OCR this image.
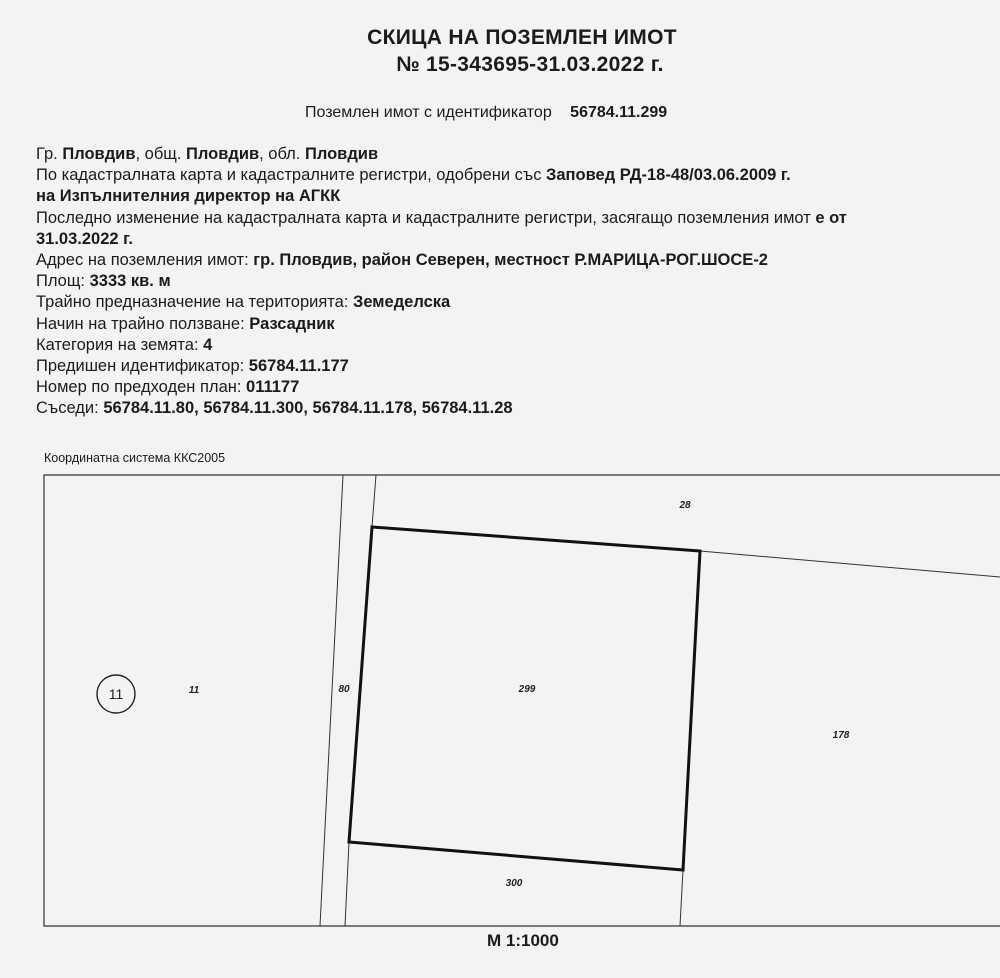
СКИЦА НА ПОЗЕМЛЕН ИМОТ
№ 15-343695-31.03.2022 г.
Поземлен имот с идентификатор 56784.11.299
Гр. Пловдив, общ. Пловдив, обл. Пловдив
По кадастралната карта и кадастралните регистри, одобрени със Заповед РД-18-48/03.06.2009 г.
на Изпълнителния директор на АГКК
Последно изменение на кадастралната карта и кадастралните регистри, засягащо поземления имот е от
31.03.2022 г.
Адрес на поземления имот: гр. Пловдив, район Северен, местност Р.МАРИЦА-РОГ.ШОСЕ-2
Площ: 3333 кв. м
Трайно предназначение на територията: Земеделска
Начин на трайно ползване: Разсадник
Категория на земята: 4
Предишен идентификатор: 56784.11.177
Номер по предходен план: 011177
Съседи: 56784.11.80, 56784.11.300, 56784.11.178, 56784.11.28
Координатна система ККС2005
11	11	80	299
28
178
300
М 1:1000
